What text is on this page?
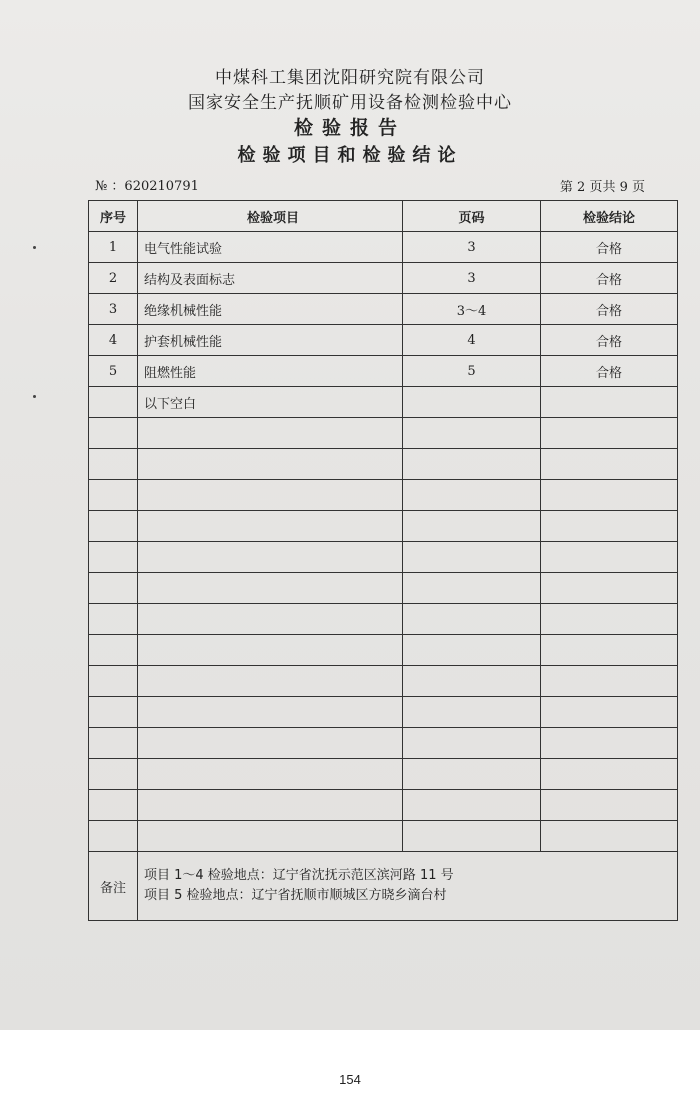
中煤科工集团沈阳研究院有限公司
国家安全生产抚顺矿用设备检测检验中心
检验报告
检验项目和检验结论
№ ：620210791	第 2 页共 9 页
序号	检验项目	页码	检验结论
1	电气性能试验	3	合格
2	结构及表面标志	3	合格
3	绝缘机械性能	3～4	合格
4	护套机械性能	4	合格
5	阻燃性能	5	合格
	以下空白		

备注	项目 1～4 检验地点：辽宁省沈抚示范区滨河路 11 号
项目 5 检验地点：辽宁省抚顺市顺城区方晓乡滴台村		
154
